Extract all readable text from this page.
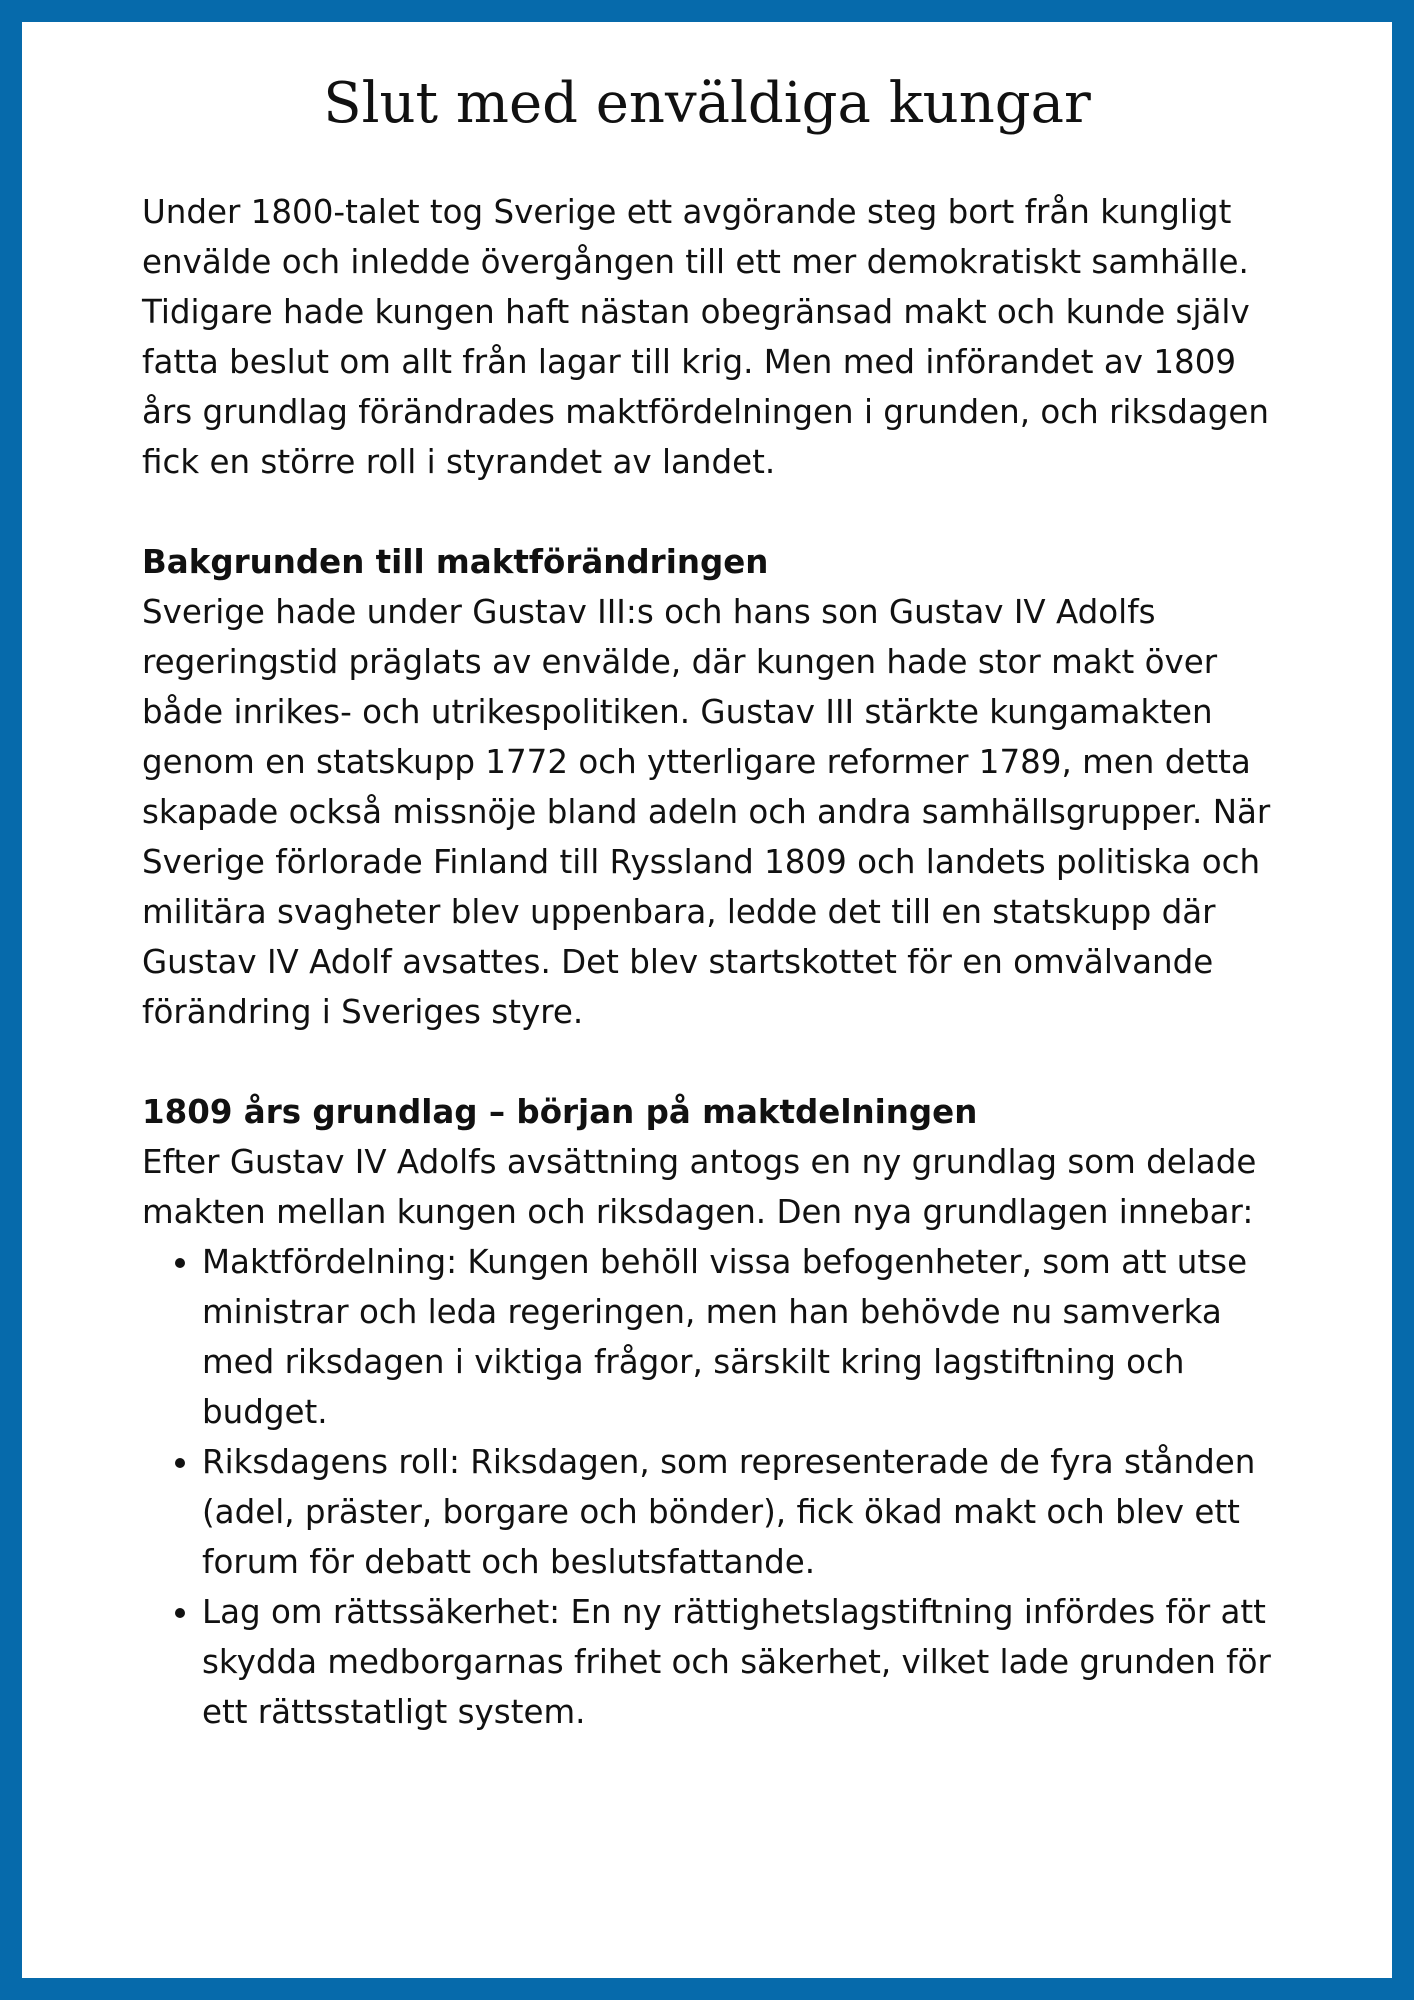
Slut med enväldiga kungar

Under 1800-talet tog Sverige ett avgörande steg bort från kungligt envälde och inledde övergången till ett mer demokratiskt samhälle. Tidigare hade kungen haft nästan obegränsad makt och kunde själv fatta beslut om allt från lagar till krig. Men med införandet av 1809 års grundlag förändrades maktfördelningen i grunden, och riksdagen fick en större roll i styrandet av landet.

Bakgrunden till maktförändringen

Sverige hade under Gustav III:s och hans son Gustav IV Adolfs regeringstid präglats av envälde, där kungen hade stor makt över både inrikes- och utrikespolitiken. Gustav III stärkte kungamakten genom en statskupp 1772 och ytterligare reformer 1789, men detta skapade också missnöje bland adeln och andra samhällsgrupper. När Sverige förlorade Finland till Ryssland 1809 och landets politiska och militära svagheter blev uppenbara, ledde det till en statskupp där Gustav IV Adolf avsattes. Det blev startskottet för en omvälvande förändring i Sveriges styre.

1809 års grundlag – början på maktdelningen

Efter Gustav IV Adolfs avsättning antogs en ny grundlag som delade makten mellan kungen och riksdagen. Den nya grundlagen innebar:

• Maktfördelning: Kungen behöll vissa befogenheter, som att utse ministrar och leda regeringen, men han behövde nu samverka med riksdagen i viktiga frågor, särskilt kring lagstiftning och budget.
• Riksdagens roll: Riksdagen, som representerade de fyra stånden (adel, präster, borgare och bönder), fick ökad makt och blev ett forum för debatt och beslutsfattande.
• Lag om rättssäkerhet: En ny rättighetslagstiftning infördes för att skydda medborgarnas frihet och säkerhet, vilket lade grunden för ett rättsstatligt system.
